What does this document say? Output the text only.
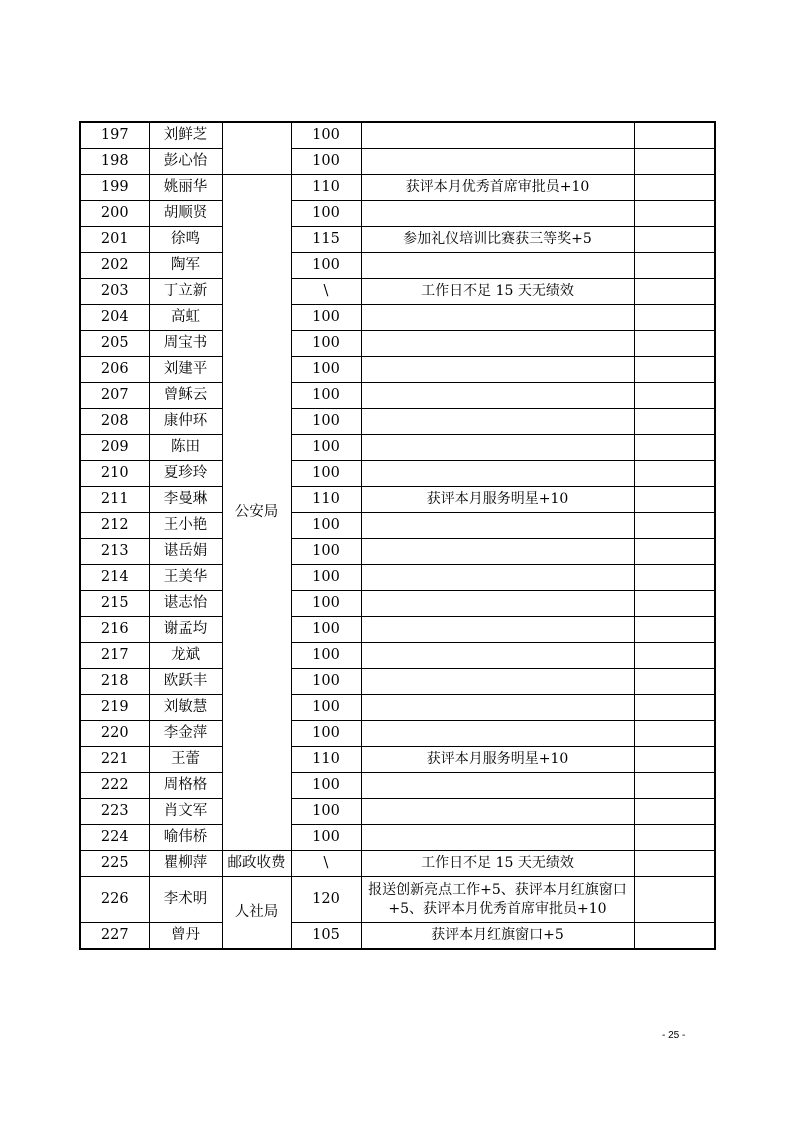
197	刘鲜芝		100		
198	彭心怡		100		
199	姚丽华	公安局	110	获评本月优秀首席审批员+10	
200	胡顺贤		100		
201	徐鸣		115	参加礼仪培训比赛获三等奖+5	
202	陶军		100		
203	丁立新		\	工作日不足 15 天无绩效	
204	高虹		100		
205	周宝书		100		
206	刘建平		100		
207	曾稣云		100		
208	康仲环		100		
209	陈田		100		
210	夏珍玲		100		
211	李曼琳		110	获评本月服务明星+10	
212	王小艳		100		
213	谌岳娟		100		
214	王美华		100		
215	谌志怡		100		
216	谢孟均		100		
217	龙斌		100		
218	欧跃丰		100		
219	刘敏慧		100		
220	李金萍		100		
221	王蕾		110	获评本月服务明星+10	
222	周格格		100		
223	肖文军		100		
224	喻伟桥		100		
225	瞿柳萍	邮政收费	\	工作日不足 15 天无绩效	
226	李术明	人社局	120	报送创新亮点工作+5、获评本月红旗窗口+5、获评本月优秀首席审批员+10	
227	曾丹		105	获评本月红旗窗口+5	
- 25 -
